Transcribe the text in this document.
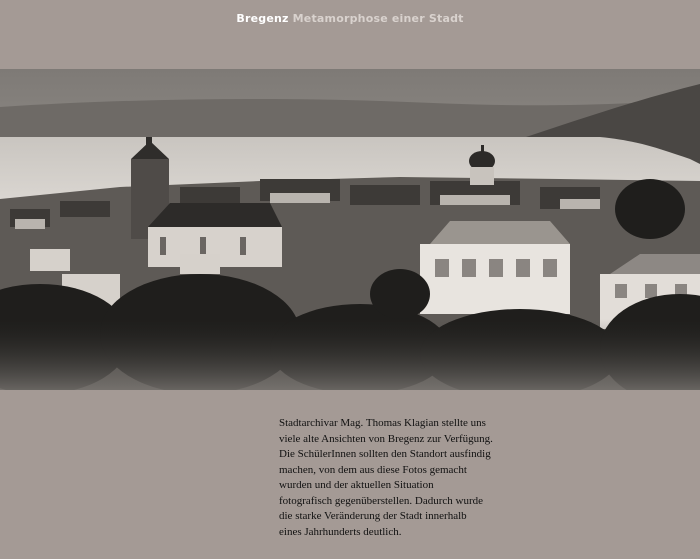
Bregenz Metamorphose einer Stadt
Stadtarchivar Mag. Thomas Klagian stellte uns
viele alte Ansichten von Bregenz zur Verfügung.
Die SchülerInnen sollten den Standort ausfindig
machen, von dem aus diese Fotos gemacht
wurden und der aktuellen Situation
fotografisch gegenüberstellen. Dadurch wurde
die starke Veränderung der Stadt innerhalb
eines Jahrhunderts deutlich.
